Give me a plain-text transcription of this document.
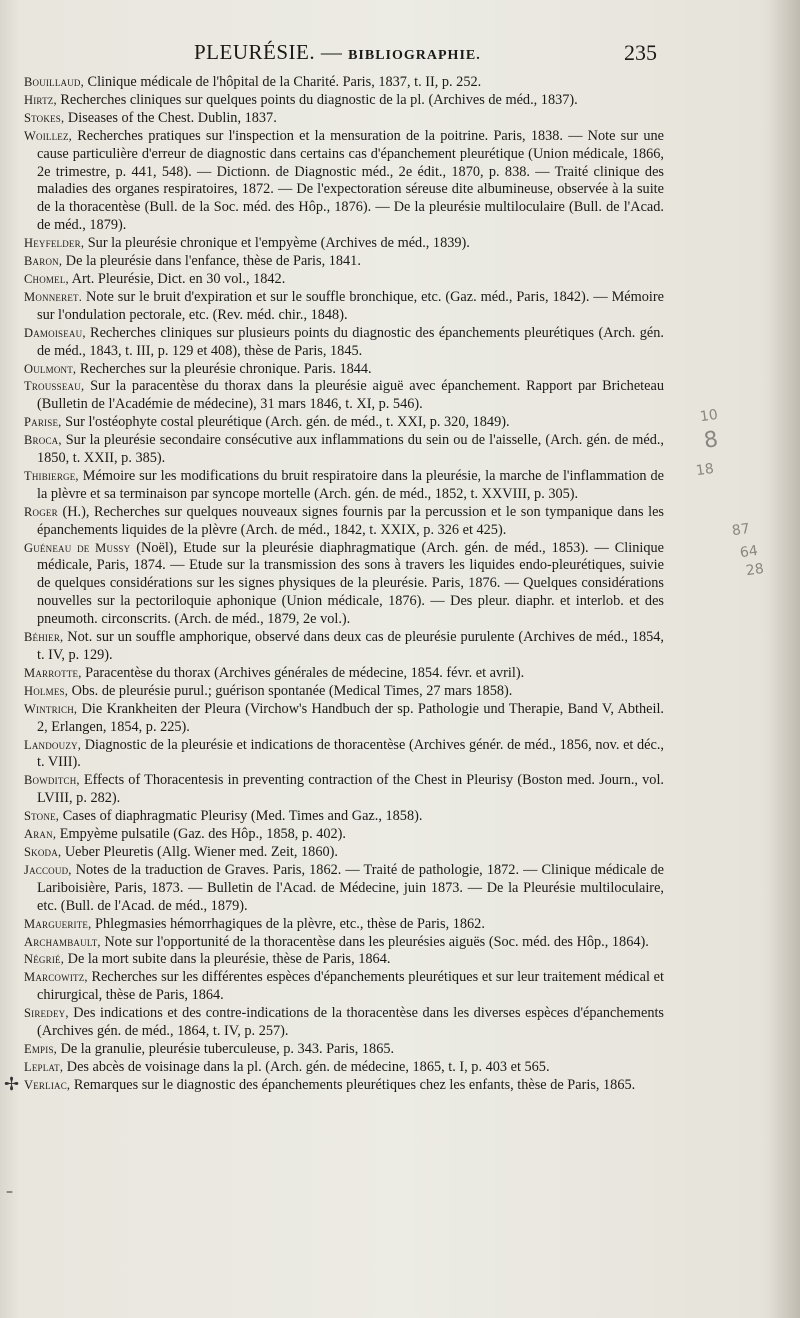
PLEURÉSIE. — BIBLIOGRAPHIE.	235

Bouillaud, Clinique médicale de l'hôpital de la Charité. Paris, 1837, t. II, p. 252.

Hirtz, Recherches cliniques sur quelques points du diagnostic de la pl. (Archives de méd., 1837).

Stokes, Diseases of the Chest. Dublin, 1837.

Woillez, Recherches pratiques sur l'inspection et la mensuration de la poitrine. Paris, 1838. — Note sur une cause particulière d'erreur de diagnostic dans certains cas d'épanchement pleurétique (Union médicale, 1866, 2e trimestre, p. 441, 548). — Dictionn. de Diagnostic méd., 2e édit., 1870, p. 838. — Traité clinique des maladies des organes respiratoires, 1872. — De l'expectoration séreuse dite albumineuse, observée à la suite de la thoracentèse (Bull. de la Soc. méd. des Hôp., 1876). — De la pleurésie multiloculaire (Bull. de l'Acad. de méd., 1879).

Heyfelder, Sur la pleurésie chronique et l'empyème (Archives de méd., 1839).

Baron, De la pleurésie dans l'enfance, thèse de Paris, 1841.

Chomel, Art. Pleurésie, Dict. en 30 vol., 1842.

Monneret. Note sur le bruit d'expiration et sur le souffle bronchique, etc. (Gaz. méd., Paris, 1842). — Mémoire sur l'ondulation pectorale, etc. (Rev. méd. chir., 1848).

Damoiseau, Recherches cliniques sur plusieurs points du diagnostic des épanchements pleurétiques (Arch. gén. de méd., 1843, t. III, p. 129 et 408), thèse de Paris, 1845.

Oulmont, Recherches sur la pleurésie chronique. Paris. 1844.

Trousseau, Sur la paracentèse du thorax dans la pleurésie aiguë avec épanchement. Rapport par Bricheteau (Bulletin de l'Académie de médecine), 31 mars 1846, t. XI, p. 546).

Parise, Sur l'ostéophyte costal pleurétique (Arch. gén. de méd., t. XXI, p. 320, 1849).

Broca, Sur la pleurésie secondaire consécutive aux inflammations du sein ou de l'aisselle, (Arch. gén. de méd., 1850, t. XXII, p. 385).

Thibierge, Mémoire sur les modifications du bruit respiratoire dans la pleurésie, la marche de l'inflammation de la plèvre et sa terminaison par syncope mortelle (Arch. gén. de méd., 1852, t. XXVIII, p. 305).

Roger (H.), Recherches sur quelques nouveaux signes fournis par la percussion et le son tympanique dans les épanchements liquides de la plèvre (Arch. de méd., 1842, t. XXIX, p. 326 et 425).

Guéneau de Mussy (Noël), Etude sur la pleurésie diaphragmatique (Arch. gén. de méd., 1853). — Clinique médicale, Paris, 1874. — Etude sur la transmission des sons à travers les liquides endo-pleurétiques, suivie de quelques considérations sur les signes physiques de la pleurésie. Paris, 1876. — Quelques considérations nouvelles sur la pectoriloquie aphonique (Union médicale, 1876). — Des pleur. diaphr. et interlob. et des pneumoth. circonscrits. (Arch. de méd., 1879, 2e vol.).

Béhier, Not. sur un souffle amphorique, observé dans deux cas de pleurésie purulente (Archives de méd., 1854, t. IV, p. 129).

Marrotte, Paracentèse du thorax (Archives générales de médecine, 1854. févr. et avril).

Holmes, Obs. de pleurésie purul.; guérison spontanée (Medical Times, 27 mars 1858).

Wintrich, Die Krankheiten der Pleura (Virchow's Handbuch der sp. Pathologie und Therapie, Band V, Abtheil. 2, Erlangen, 1854, p. 225).

Landouzy, Diagnostic de la pleurésie et indications de thoracentèse (Archives génér. de méd., 1856, nov. et déc., t. VIII).

Bowditch, Effects of Thoracentesis in preventing contraction of the Chest in Pleurisy (Boston med. Journ., vol. LVIII, p. 282).

Stone, Cases of diaphragmatic Pleurisy (Med. Times and Gaz., 1858).

Aran, Empyème pulsatile (Gaz. des Hôp., 1858, p. 402).

Skoda, Ueber Pleuretis (Allg. Wiener med. Zeit, 1860).

Jaccoud, Notes de la traduction de Graves. Paris, 1862. — Traité de pathologie, 1872. — Clinique médicale de Lariboisière, Paris, 1873. — Bulletin de l'Acad. de Médecine, juin 1873. — De la Pleurésie multiloculaire, etc. (Bull. de l'Acad. de méd., 1879).

Marguerite, Phlegmasies hémorrhagiques de la plèvre, etc., thèse de Paris, 1862.

Archambault, Note sur l'opportunité de la thoracentèse dans les pleurésies aiguës (Soc. méd. des Hôp., 1864).

Négrié, De la mort subite dans la pleurésie, thèse de Paris, 1864.

Marcowitz, Recherches sur les différentes espèces d'épanchements pleurétiques et sur leur traitement médical et chirurgical, thèse de Paris, 1864.

Siredey, Des indications et des contre-indications de la thoracentèse dans les diverses espèces d'épanchements (Archives gén. de méd., 1864, t. IV, p. 257).

Empis, De la granulie, pleurésie tuberculeuse, p. 343. Paris, 1865.

Leplat, Des abcès de voisinage dans la pl. (Arch. gén. de médecine, 1865, t. I, p. 403 et 565.

Verliac, Remarques sur le diagnostic des épanchements pleurétiques chez les enfants, thèse de Paris, 1865.

10
8
18
87
64
28
✢
–
